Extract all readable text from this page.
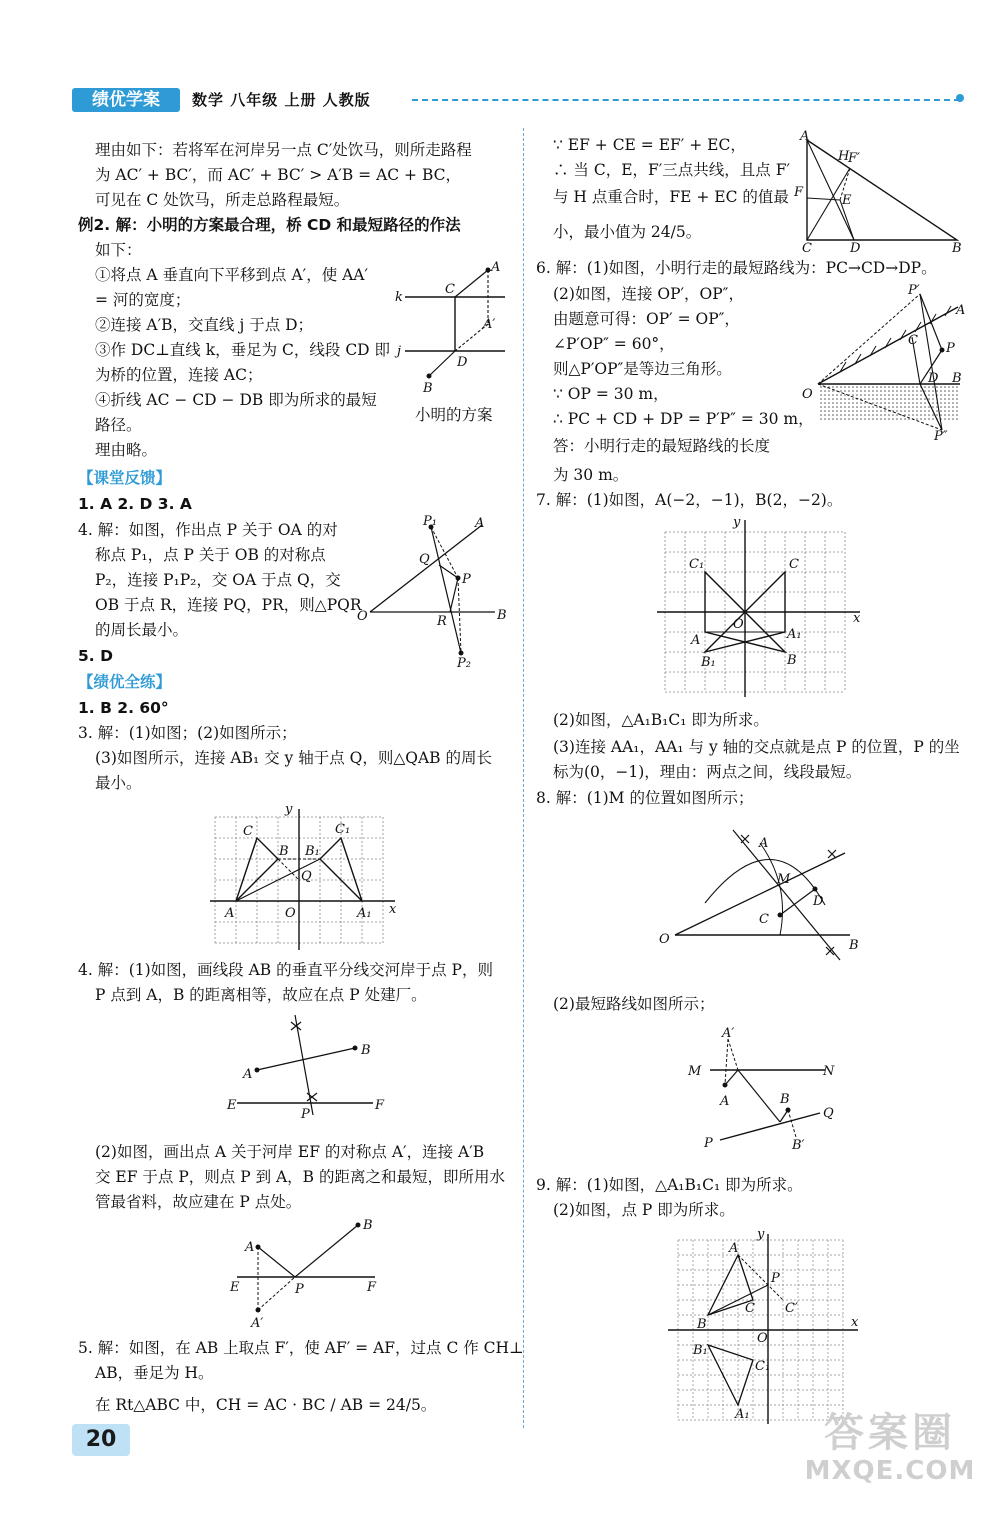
绩优学案	数学 八年级 上册 人教版
理由如下：若将军在河岸另一点 C′处饮马，则所走路程
为 AC′ + BC′，而 AC′ + BC′ > A′B = AC + BC，
可见在 C 处饮马，所走总路程最短。
例2. 解：小明的方案最合理，桥 CD 和最短路径的作法
如下：
①将点 A 垂直向下平移到点 A′，使 AA′
= 河的宽度；
②连接 A′B，交直线 j 于点 D；
③作 DC⊥直线 k，垂足为 C，线段 CD 即
为桥的位置，连接 AC；
④折线 AC − CD − DB 即为所求的最短
路径。
理由略。
【课堂反馈】
1. A 2. D 3. A
4. 解：如图，作出点 P 关于 OA 的对
称点 P₁，点 P 关于 OB 的对称点
P₂，连接 P₁P₂，交 OA 于点 Q，交
OB 于点 R，连接 PQ，PR，则△PQR
的周长最小。
5. D
【绩优全练】
1. B 2. 60°
3. 解：(1)如图；(2)如图所示；
(3)如图所示，连接 AB₁ 交 y 轴于点 Q，则△QAB 的周长
最小。
4. 解：(1)如图，画线段 AB 的垂直平分线交河岸于点 P，则
P 点到 A，B 的距离相等，故应在点 P 处建厂。
(2)如图，画出点 A 关于河岸 EF 的对称点 A′，连接 A′B
交 EF 于点 P，则点 P 到 A，B 的距离之和最短，即所用水
管最省料，故应建在 P 点处。
5. 解：如图，在 AB 上取点 F′，使 AF′ = AF，过点 C 作 CH⊥
AB，垂足为 H。
在 Rt△ABC 中，CH = AC · BC / AB = 24/5。
∵ EF + CE = EF′ + EC，
∴ 当 C，E，F′三点共线，且点 F′
与 H 点重合时，FE + EC 的值最
小，最小值为 24/5。
6. 解：(1)如图，小明行走的最短路线为：PC→CD→DP。
(2)如图，连接 OP′，OP″，
由题意可得：OP′ = OP″，
∠P′OP″ = 60°，
则△P′OP″是等边三角形。
∵ OP = 30 m，
∴ PC + CD + DP = P′P″ = 30 m，
答：小明行走的最短路线的长度
为 30 m。
7. 解：(1)如图，A(−2，−1)，B(2，−2)。
(2)如图，△A₁B₁C₁ 即为所求。
(3)连接 AA₁，AA₁ 与 y 轴的交点就是点 P 的位置，P 的坐
标为(0，−1)，理由：两点之间，线段最短。
8. 解：(1)M 的位置如图所示；
(2)最短路线如图所示；
9. 解：(1)如图，△A₁B₁C₁ 即为所求。
(2)如图，点 P 即为所求。
A
C
k
A′
D
j
B
小明的方案
P₁	A
Q
P
O	R	B
P₂
y
C	C₁
B B₁
Q
A	O	A₁ x
A
B
E
P
F
B
A
E	P	F
A′
A
H
F′
F
E
C	D	B
P′
A
C
P
O
D B
P″
y
C₁	C
O
A	A₁
B₁	B
x
A
M
D
C
O	B
A′
M	N
A	B
Q
P	B′
y
A
P
C′
C
B
O
x
B₁
C₁
A₁
20	答案圈
MXQE.COM
